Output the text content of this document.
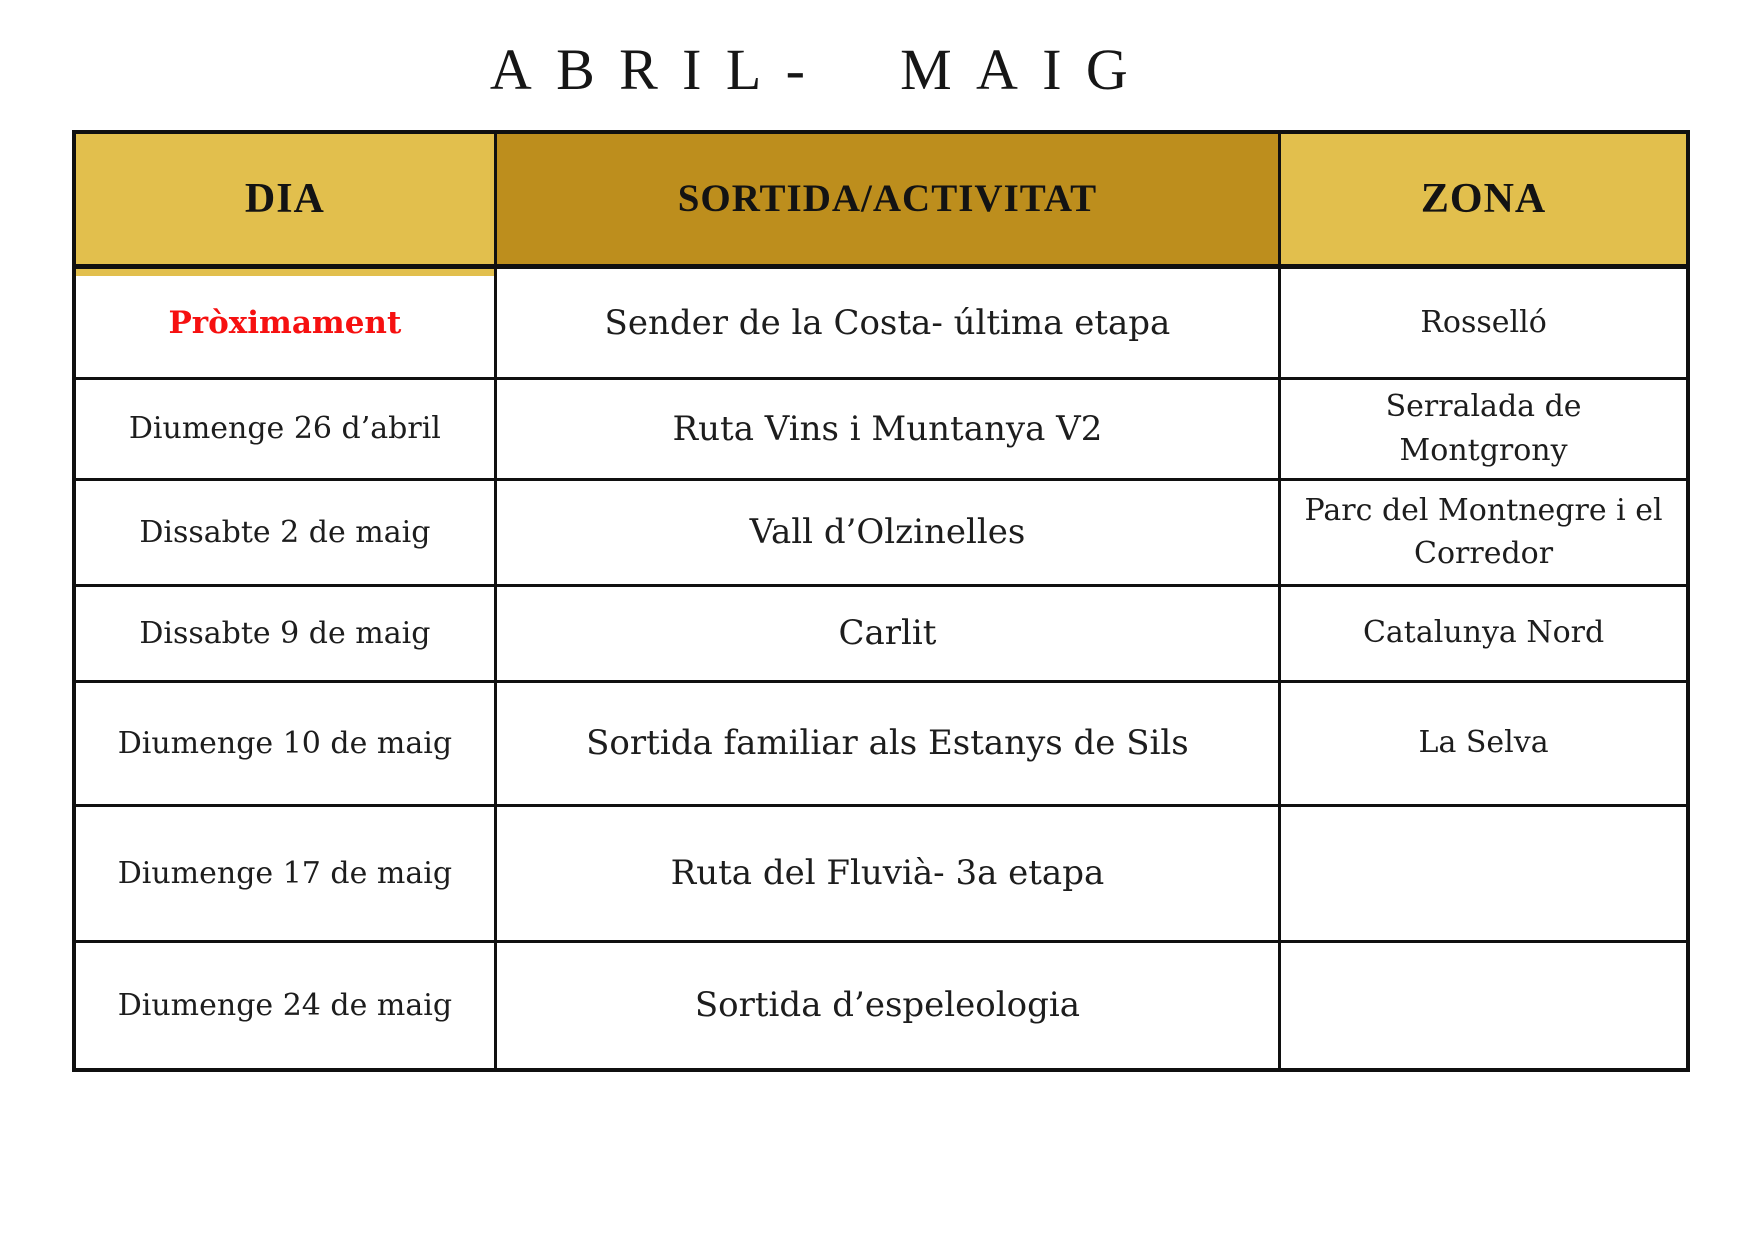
ABRIL- MAIG
DIA	SORTIDA/ACTIVITAT	ZONA
Pròximament	Sender de la Costa- última etapa	Rosselló
Diumenge 26 d’abril	Ruta Vins i Muntanya V2	Serralada de Montgrony
Dissabte 2 de maig	Vall d’Olzinelles	Parc del Montnegre i el Corredor
Dissabte 9 de maig	Carlit	Catalunya Nord
Diumenge 10 de maig	Sortida familiar als Estanys de Sils	La Selva
Diumenge 17 de maig	Ruta del Fluvià- 3a etapa	
Diumenge 24 de maig	Sortida d’espeleologia	
